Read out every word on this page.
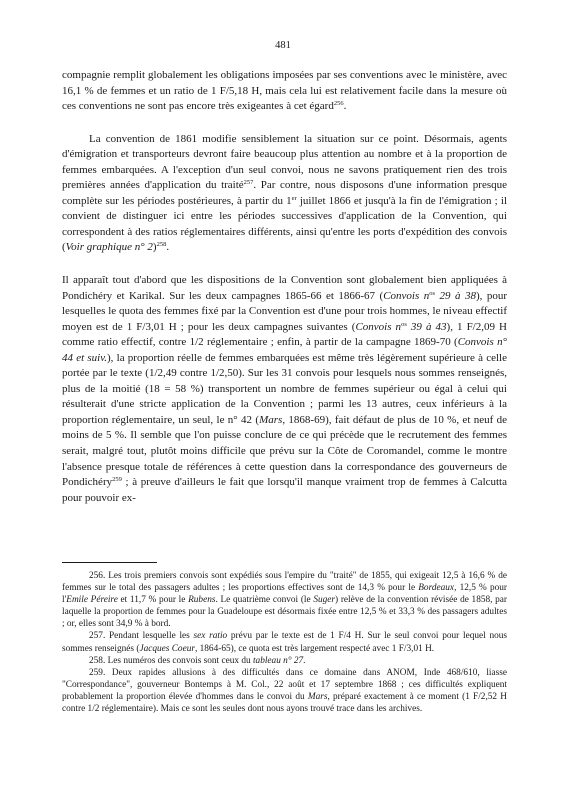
481

compagnie remplit globalement les obligations imposées par ses conventions avec le ministère, avec 16,1 % de femmes et un ratio de 1 F/5,18 H, mais cela lui est relativement facile dans la mesure où ces conventions ne sont pas encore très exigeantes à cet égard$^{256}$.

La convention de 1861 modifie sensiblement la situation sur ce point. Désormais, agents d'émigration et transporteurs devront faire beaucoup plus attention au nombre et à la proportion de femmes embarquées. A l'exception d'un seul convoi, nous ne savons pratiquement rien des trois premières années d'application du traité$^{257}$. Par contre, nous disposons d'une information presque complète sur les périodes postérieures, à partir du 1er juillet 1866 et jusqu'à la fin de l'émigration ; il convient de distinguer ici entre les périodes successives d'application de la Convention, qui correspondent à des ratios réglementaires différents, ainsi qu'entre les ports d'expédition des convois (Voir graphique n° 2)$^{258}$.

Il apparaît tout d'abord que les dispositions de la Convention sont globalement bien appliquées à Pondichéry et Karikal. Sur les deux campagnes 1865-66 et 1866-67 (Convois $n^{os}$ 29 à 38), pour lesquelles le quota des femmes fixé par la Convention est d'une pour trois hommes, le niveau effectif moyen est de 1 F/3,01 H ; pour les deux campagnes suivantes (Convois $n^{os}$ 39 à 43), 1 F/2,09 H comme ratio effectif, contre 1/2 réglementaire ; enfin, à partir de la campagne 1869-70 (Convois n° 44 et suiv.), la proportion réelle de femmes embarquées est même très légèrement supérieure à celle portée par le texte (1/2,49 contre 1/2,50). Sur les 31 convois pour lesquels nous sommes renseignés, plus de la moitié (18 = 58 %) transportent un nombre de femmes supérieur ou égal à celui qui résulterait d'une stricte application de la Convention ; parmi les 13 autres, ceux inférieurs à la proportion réglementaire, un seul, le n° 42 (Mars, 1868-69), fait défaut de plus de 10 %, et neuf de moins de 5 %. Il semble que l'on puisse conclure de ce qui précède que le recrutement des femmes serait, malgré tout, plutôt moins difficile que prévu sur la Côte de Coromandel, comme le montre l'absence presque totale de références à cette question dans la correspondance des gouverneurs de Pondichéry$^{259}$ ; à preuve d'ailleurs le fait que lorsqu'il manque vraiment trop de femmes à Calcutta pour pouvoir ex-

256. Les trois premiers convois sont expédiés sous l'empire du "traité" de 1855, qui exigeait 12,5 à 16,6 % de femmes sur le total des passagers adultes ; les proportions effectives sont de 14,3 % pour le Bordeaux, 12,5 % pour l'Emile Péreire et 11,7 % pour le Rubens. Le quatrième convoi (le Suger) relève de la convention révisée de 1858, par laquelle la proportion de femmes pour la Guadeloupe est désormais fixée entre 12,5 % et 33,3 % des passagers adultes ; or, elles sont 34,9 % à bord.

257. Pendant lesquelle les sex ratio prévu par le texte est de 1 F/4 H. Sur le seul convoi pour lequel nous sommes renseignés (Jacques Coeur, 1864-65), ce quota est très largement respecté avec 1 F/3,01 H.

258. Les numéros des convois sont ceux du tableau n° 27.

259. Deux rapides allusions à des difficultés dans ce domaine dans ANOM, Inde 468/610, liasse "Correspondance", gouverneur Bontemps à M. Col., 22 août et 17 septembre 1868 ; ces difficultés expliquent probablement la proportion élevée d'hommes dans le convoi du Mars, préparé exactement à ce moment (1 F/2,52 H contre 1/2 réglementaire). Mais ce sont les seules dont nous ayons trouvé trace dans les archives.
